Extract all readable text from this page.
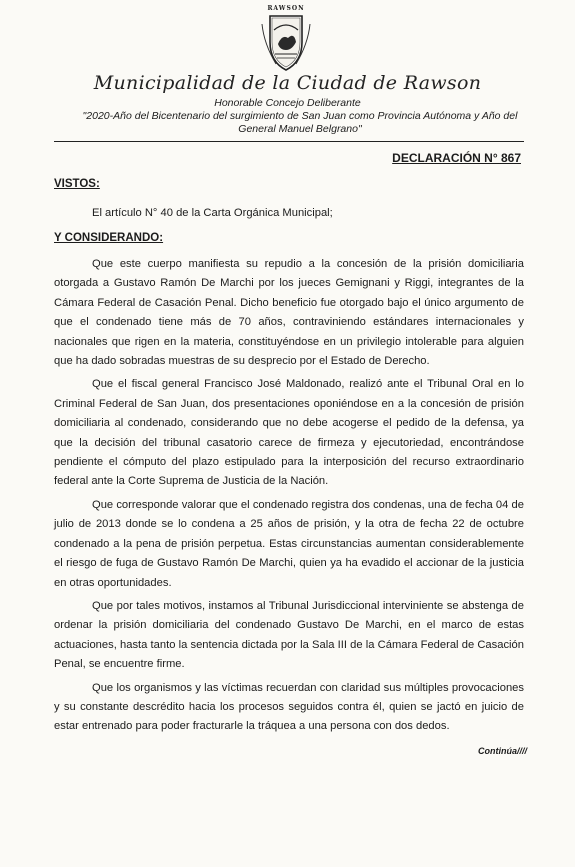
RAWSON
Municipalidad de la Ciudad de Rawson
Honorable Concejo Deliberante
"2020-Año del Bicentenario del surgimiento de San Juan como Provincia Autónoma y Año del General Manuel Belgrano"
DECLARACIÓN N° 867
VISTOS:
El artículo N° 40 de la Carta Orgánica Municipal;
Y CONSIDERANDO:

Que este cuerpo manifiesta su repudio a la concesión de la prisión domiciliaria otorgada a Gustavo Ramón De Marchi por los jueces Gemignani y Riggi, integrantes de la Cámara Federal de Casación Penal. Dicho beneficio fue otorgado bajo el único argumento de que el condenado tiene más de 70 años, contraviniendo estándares internacionales y nacionales que rigen en la materia, constituyéndose en un privilegio intolerable para alguien que ha dado sobradas muestras de su desprecio por el Estado de Derecho.

Que el fiscal general Francisco José Maldonado, realizó ante el Tribunal Oral en lo Criminal Federal de San Juan, dos presentaciones oponiéndose en a la concesión de prisión domiciliaria al condenado, considerando que no debe acogerse el pedido de la defensa, ya que la decisión del tribunal casatorio carece de firmeza y ejecutoriedad, encontrándose pendiente el cómputo del plazo estipulado para la interposición del recurso extraordinario federal ante la Corte Suprema de Justicia de la Nación.

Que corresponde valorar que el condenado registra dos condenas, una de fecha 04 de julio de 2013 donde se lo condena a 25 años de prisión, y la otra de fecha 22 de octubre condenado a la pena de prisión perpetua. Estas circunstancias aumentan considerablemente el riesgo de fuga de Gustavo Ramón De Marchi, quien ya ha evadido el accionar de la justicia en otras oportunidades.

Que por tales motivos, instamos al Tribunal Jurisdiccional interviniente se abstenga de ordenar la prisión domiciliaria del condenado Gustavo De Marchi, en el marco de estas actuaciones, hasta tanto la sentencia dictada por la Sala III de la Cámara Federal de Casación Penal, se encuentre firme.

Que los organismos y las víctimas recuerdan con claridad sus múltiples provocaciones y su constante descrédito hacia los procesos seguidos contra él, quien se jactó en juicio de estar entrenado para poder fracturarle la tráquea a una persona con dos dedos.

Continúa////
